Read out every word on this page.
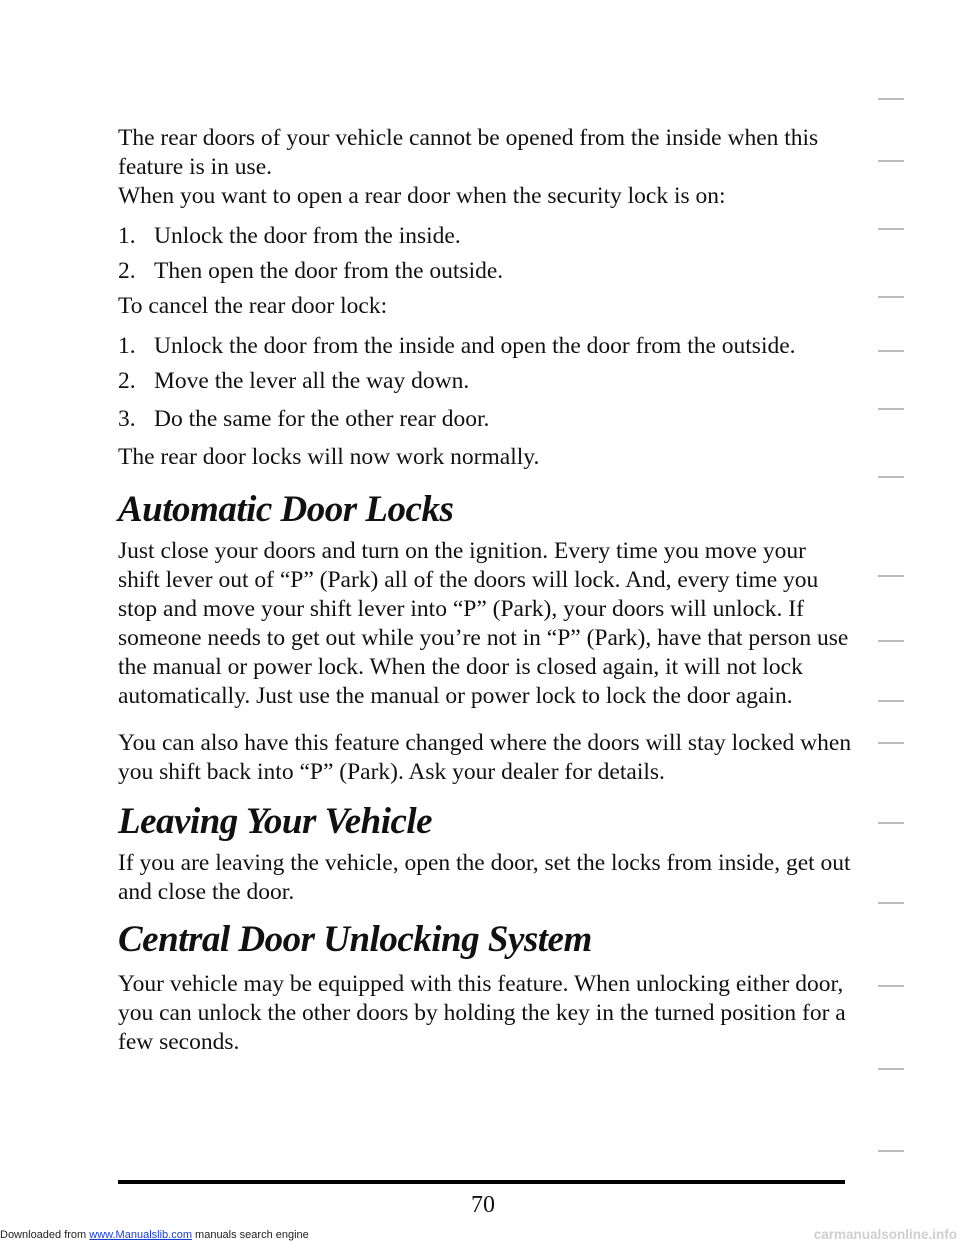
The rear doors of your vehicle cannot be opened from the inside when this feature is in use.

When you want to open a rear door when the security lock is on:

1. Unlock the door from the inside.

2. Then open the door from the outside.

To cancel the rear door lock:

1. Unlock the door from the inside and open the door from the outside.

2. Move the lever all the way down.

3. Do the same for the other rear door.

The rear door locks will now work normally.

Automatic Door Locks

Just close your doors and turn on the ignition. Every time you move your shift lever out of “P” (Park) all of the doors will lock. And, every time you stop and move your shift lever into “P” (Park), your doors will unlock. If someone needs to get out while you’re not in “P” (Park), have that person use the manual or power lock. When the door is closed again, it will not lock automatically. Just use the manual or power lock to lock the door again.

You can also have this feature changed where the doors will stay locked when you shift back into “P” (Park). Ask your dealer for details.

Leaving Your Vehicle

If you are leaving the vehicle, open the door, set the locks from inside, get out and close the door.

Central Door Unlocking System

Your vehicle may be equipped with this feature. When unlocking either door, you can unlock the other doors by holding the key in the turned position for a few seconds.

70
Downloaded from www.Manualslib.com manuals search engine	carmanualsonline.info
